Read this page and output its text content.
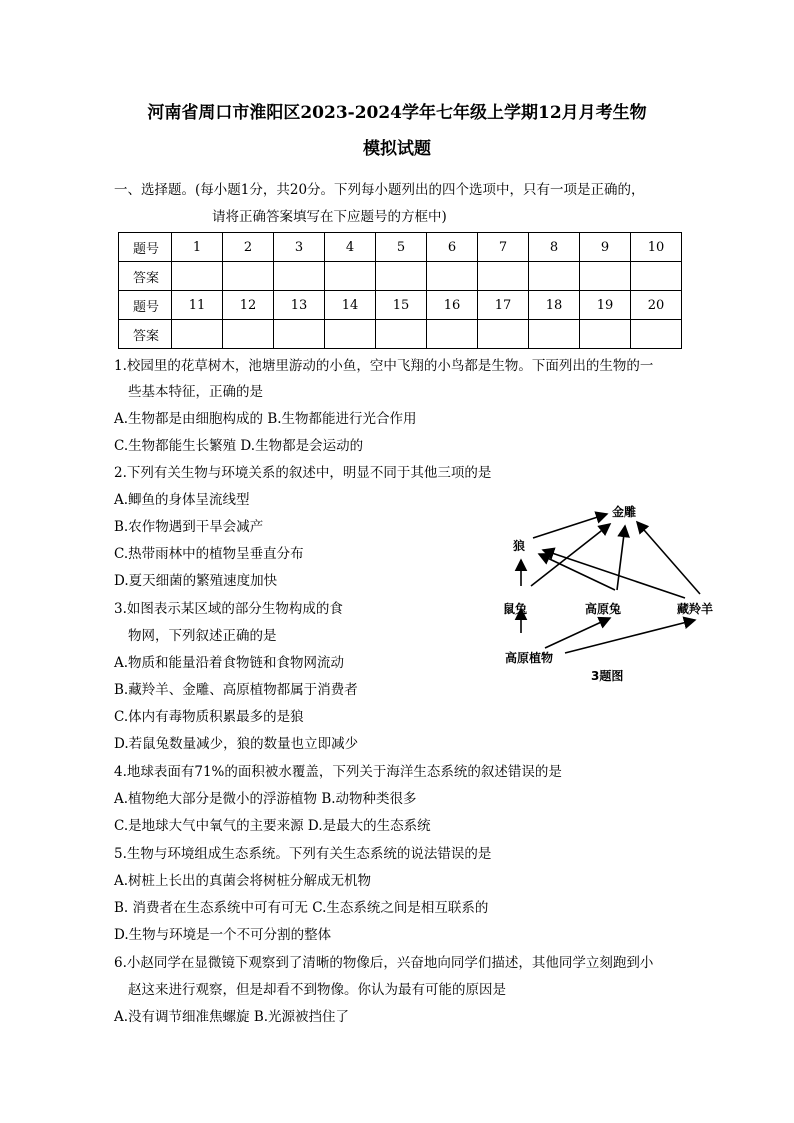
河南省周口市淮阳区2023-2024学年七年级上学期12月月考生物
模拟试题
一、选择题。(每小题1分，共20分。下列每小题列出的四个选项中，只有一项是正确的，
请将正确答案填写在下应题号的方框中)
题号	1	2	3	4	5	6	7	8	9	10
答案										
题号	11	12	13	14	15	16	17	18	19	20
答案										
1.校园里的花草树木，池塘里游动的小鱼，空中飞翔的小鸟都是生物。下面列出的生物的一
些基本特征，正确的是
A.生物都是由细胞构成的 B.生物都能进行光合作用
C.生物都能生长繁殖 D.生物都是会运动的
2.下列有关生物与环境关系的叙述中，明显不同于其他三项的是
A.鲫鱼的身体呈流线型
B.农作物遇到干旱会减产
C.热带雨林中的植物呈垂直分布
D.夏天细菌的繁殖速度加快
3.如图表示某区域的部分生物构成的食
物网，下列叙述正确的是
A.物质和能量沿着食物链和食物网流动
B.藏羚羊、金雕、高原植物都属于消费者
C.体内有毒物质积累最多的是狼
D.若鼠兔数量减少，狼的数量也立即减少
4.地球表面有71%的面积被水覆盖，下列关于海洋生态系统的叙述错误的是
A.植物绝大部分是微小的浮游植物 B.动物种类很多
C.是地球大气中氧气的主要来源 D.是最大的生态系统
5.生物与环境组成生态系统。下列有关生态系统的说法错误的是
A.树桩上长出的真菌会将树桩分解成无机物
B. 消费者在生态系统中可有可无 C.生态系统之间是相互联系的
D.生物与环境是一个不可分割的整体
6.小赵同学在显微镜下观察到了清晰的物像后，兴奋地向同学们描述，其他同学立刻跑到小
赵这来进行观察，但是却看不到物像。你认为最有可能的原因是
A.没有调节细准焦螺旋 B.光源被挡住了
金雕
狼
鼠兔	高原兔	藏羚羊
高原植物
3题图
